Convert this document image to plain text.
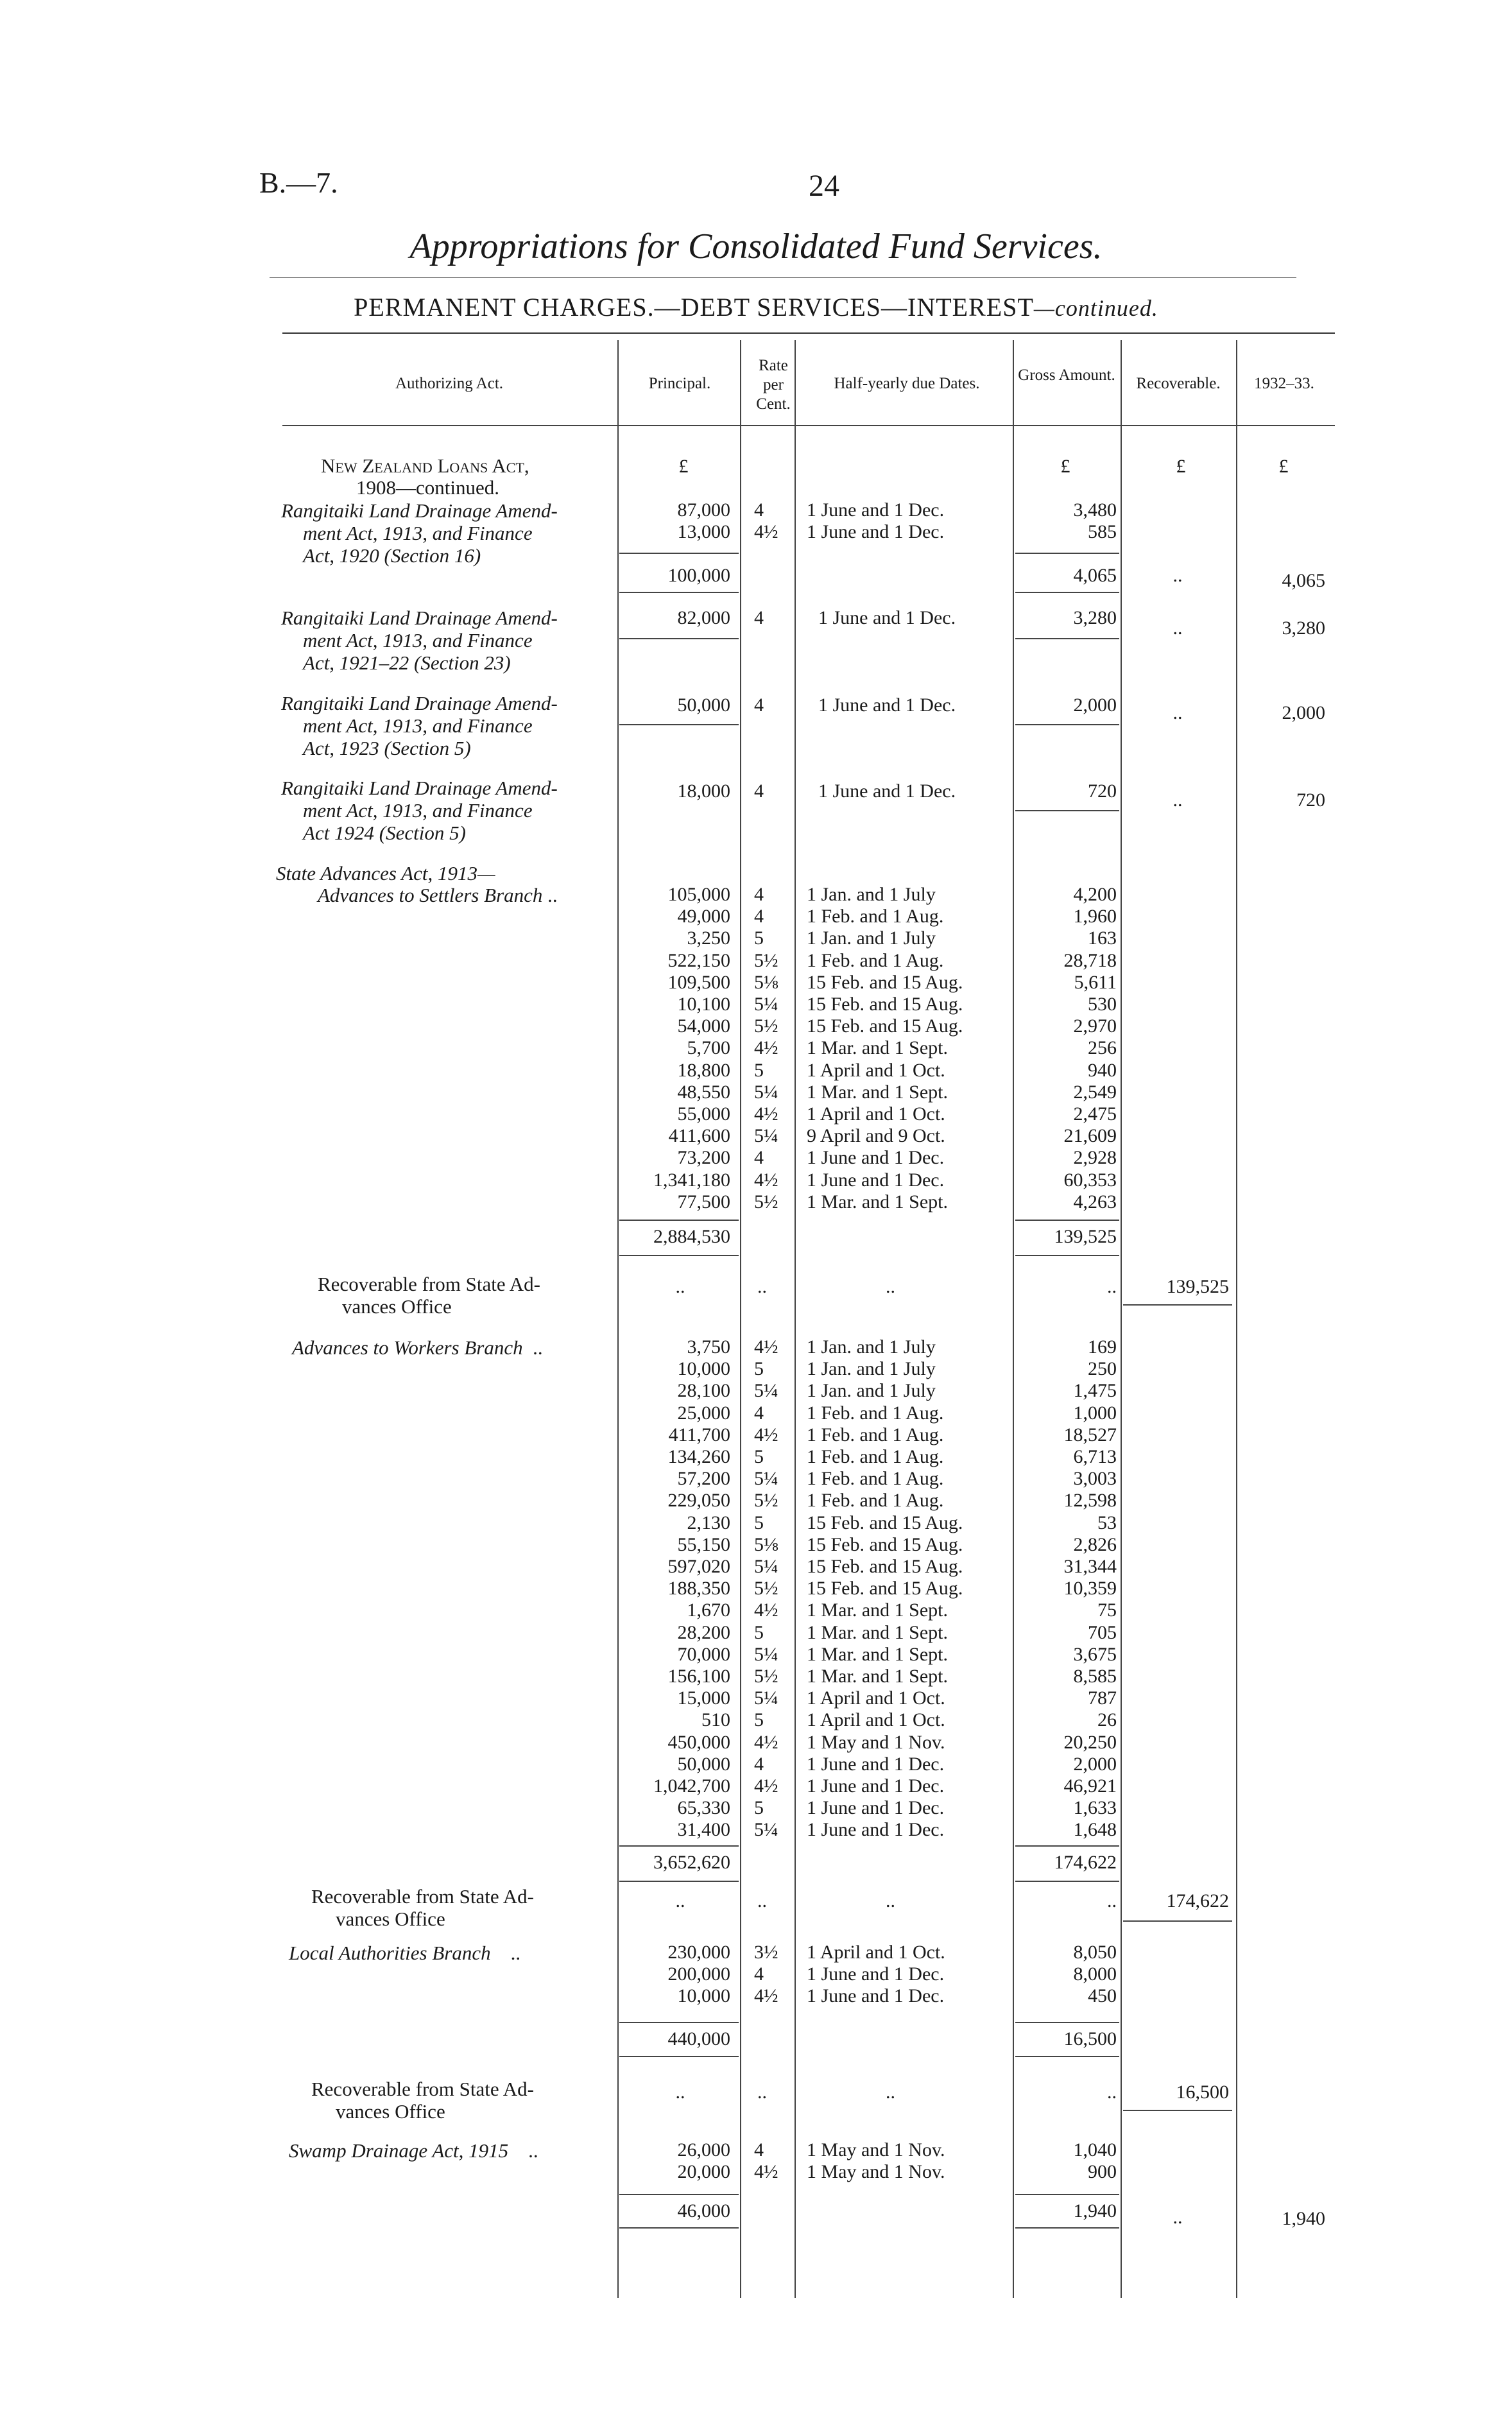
B.—7.	24
Appropriations for Consolidated Fund Services.
PERMANENT CHARGES.—DEBT SERVICES—INTEREST—continued.
Authorizing Act.	Principal.
Rate per Cent.
Half-yearly due Dates.	Gross Amount.	Recoverable.	1932–33.
£	£	£	£
New Zealand Loans Act,
1908—continued.
Rangitaiki Land Drainage Amend-
ment Act, 1913, and Finance
Act, 1920 (Section 16)
87,000 4	1 June and 1 Dec.	3,480
13,000 4½	1 June and 1 Dec.	585
100,000	4,065	..	4,065
Rangitaiki Land Drainage Amend-
ment Act, 1913, and Finance
Act, 1921–22 (Section 23)
82,000 4	1 June and 1 Dec.	3,280	..	3,280
Rangitaiki Land Drainage Amend-
ment Act, 1913, and Finance
Act, 1923 (Section 5)
50,000 4	1 June and 1 Dec.	2,000	..	2,000
Rangitaiki Land Drainage Amend-
ment Act, 1913, and Finance
Act 1924 (Section 5)
18,000 4	1 June and 1 Dec.	720	..	720
State Advances Act, 1913—
Advances to Settlers Branch ..	105,000 4	1 Jan. and 1 July	4,200
49,000 4	1 Feb. and 1 Aug.	1,960
3,250 5	1 Jan. and 1 July	163
522,150 5½	1 Feb. and 1 Aug.	28,718
109,500 5⅛	15 Feb. and 15 Aug.	5,611
10,100 5¼	15 Feb. and 15 Aug.	530
54,000 5½	15 Feb. and 15 Aug.	2,970
5,700 4½	1 Mar. and 1 Sept.	256
18,800 5	1 April and 1 Oct.	940
48,550 5¼	1 Mar. and 1 Sept.	2,549
55,000 4½	1 April and 1 Oct.	2,475
411,600 5¼	9 April and 9 Oct.	21,609
73,200 4	1 June and 1 Dec.	2,928
1,341,180 4½	1 June and 1 Dec.	60,353
77,500 5½	1 Mar. and 1 Sept.	4,263
2,884,530	139,525
Recoverable from State Ad-
vances Office
..	..	..	..	139,525
Advances to Workers Branch ..	3,750 4½	1 Jan. and 1 July	169
10,000 5	1 Jan. and 1 July	250
28,100 5¼	1 Jan. and 1 July	1,475
25,000 4	1 Feb. and 1 Aug.	1,000
411,700 4½	1 Feb. and 1 Aug.	18,527
134,260 5	1 Feb. and 1 Aug.	6,713
57,200 5¼	1 Feb. and 1 Aug.	3,003
229,050 5½	1 Feb. and 1 Aug.	12,598
2,130 5	15 Feb. and 15 Aug.	53
55,150 5⅛	15 Feb. and 15 Aug.	2,826
597,020 5¼	15 Feb. and 15 Aug.	31,344
188,350 5½	15 Feb. and 15 Aug.	10,359
1,670 4½	1 Mar. and 1 Sept.	75
28,200 5	1 Mar. and 1 Sept.	705
70,000 5¼	1 Mar. and 1 Sept.	3,675
156,100 5½	1 Mar. and 1 Sept.	8,585
15,000 5¼	1 April and 1 Oct.	787
510 5	1 April and 1 Oct.	26
450,000 4½	1 May and 1 Nov.	20,250
50,000 4	1 June and 1 Dec.	2,000
1,042,700 4½	1 June and 1 Dec.	46,921
65,330 5	1 June and 1 Dec.	1,633
31,400 5¼	1 June and 1 Dec.	1,648
3,652,620	174,622
Recoverable from State Ad-
vances Office
..	..	..	..	174,622
Local Authorities Branch ..	230,000 3½	1 April and 1 Oct.	8,050
200,000 4	1 June and 1 Dec.	8,000
10,000 4½	1 June and 1 Dec.	450
440,000	16,500
Recoverable from State Ad-
vances Office
..	..	..	..	16,500
Swamp Drainage Act, 1915 ..	26,000 4	1 May and 1 Nov.	1,040
20,000 4½	1 May and 1 Nov.	900
46,000	1,940	..	1,940
